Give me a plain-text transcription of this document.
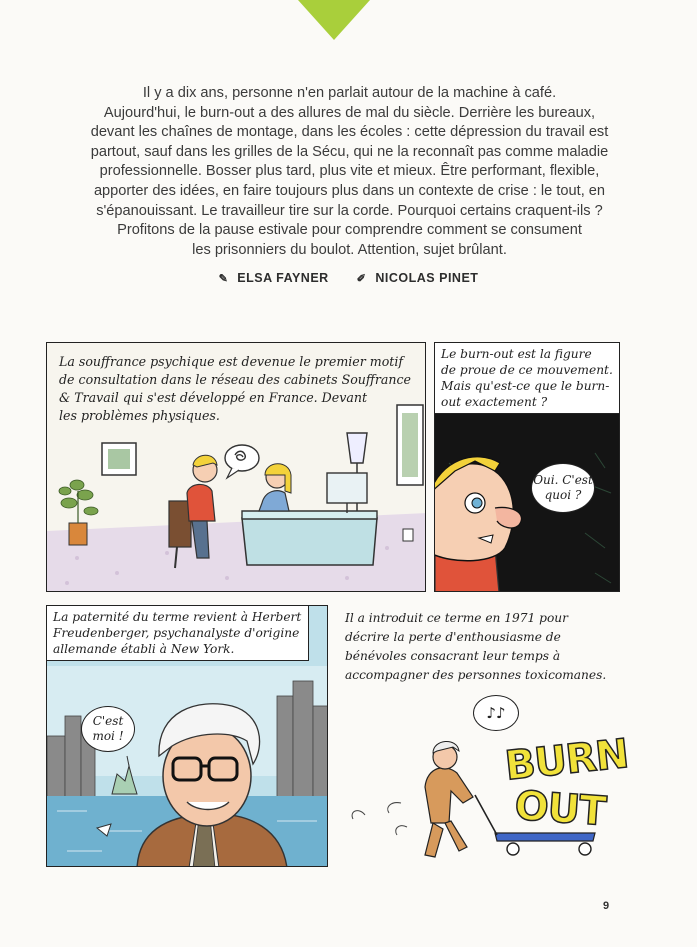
Il y a dix ans, personne n'en parlait autour de la machine à café.
Aujourd'hui, le burn-out a des allures de mal du siècle. Derrière les bureaux,
devant les chaînes de montage, dans les écoles : cette dépression du travail est
partout, sauf dans les grilles de la Sécu, qui ne la reconnaît pas comme maladie
professionnelle. Bosser plus tard, plus vite et mieux. Être performant, flexible,
apporter des idées, en faire toujours plus dans un contexte de crise : le tout, en
s'épanouissant. Le travailleur tire sur la corde. Pourquoi certains craquent-ils ?
Profitons de la pause estivale pour comprendre comment se consument
les prisonniers du boulot. Attention, sujet brûlant.
✎ ELSA FAYNER	✐ NICOLAS PINET
La souffrance psychique est devenue le premier motif
de consultation dans le réseau des cabinets Souffrance
& Travail qui s'est développé en France. Devant
les problèmes physiques.
Le burn-out est la figure
de proue de ce mouvement.
Mais qu'est-ce que le burn-
out exactement ?
Oui. C'est
quoi ?
La paternité du terme revient à Herbert
Freudenberger, psychanalyste d'origine
allemande établi à New York.
C'est
moi !
Il a introduit ce terme en 1971 pour
décrire la perte d'enthousiasme de
bénévoles consacrant leur temps à
accompagner des personnes toxicomanes.
♪♪
BURN
OUT
9
